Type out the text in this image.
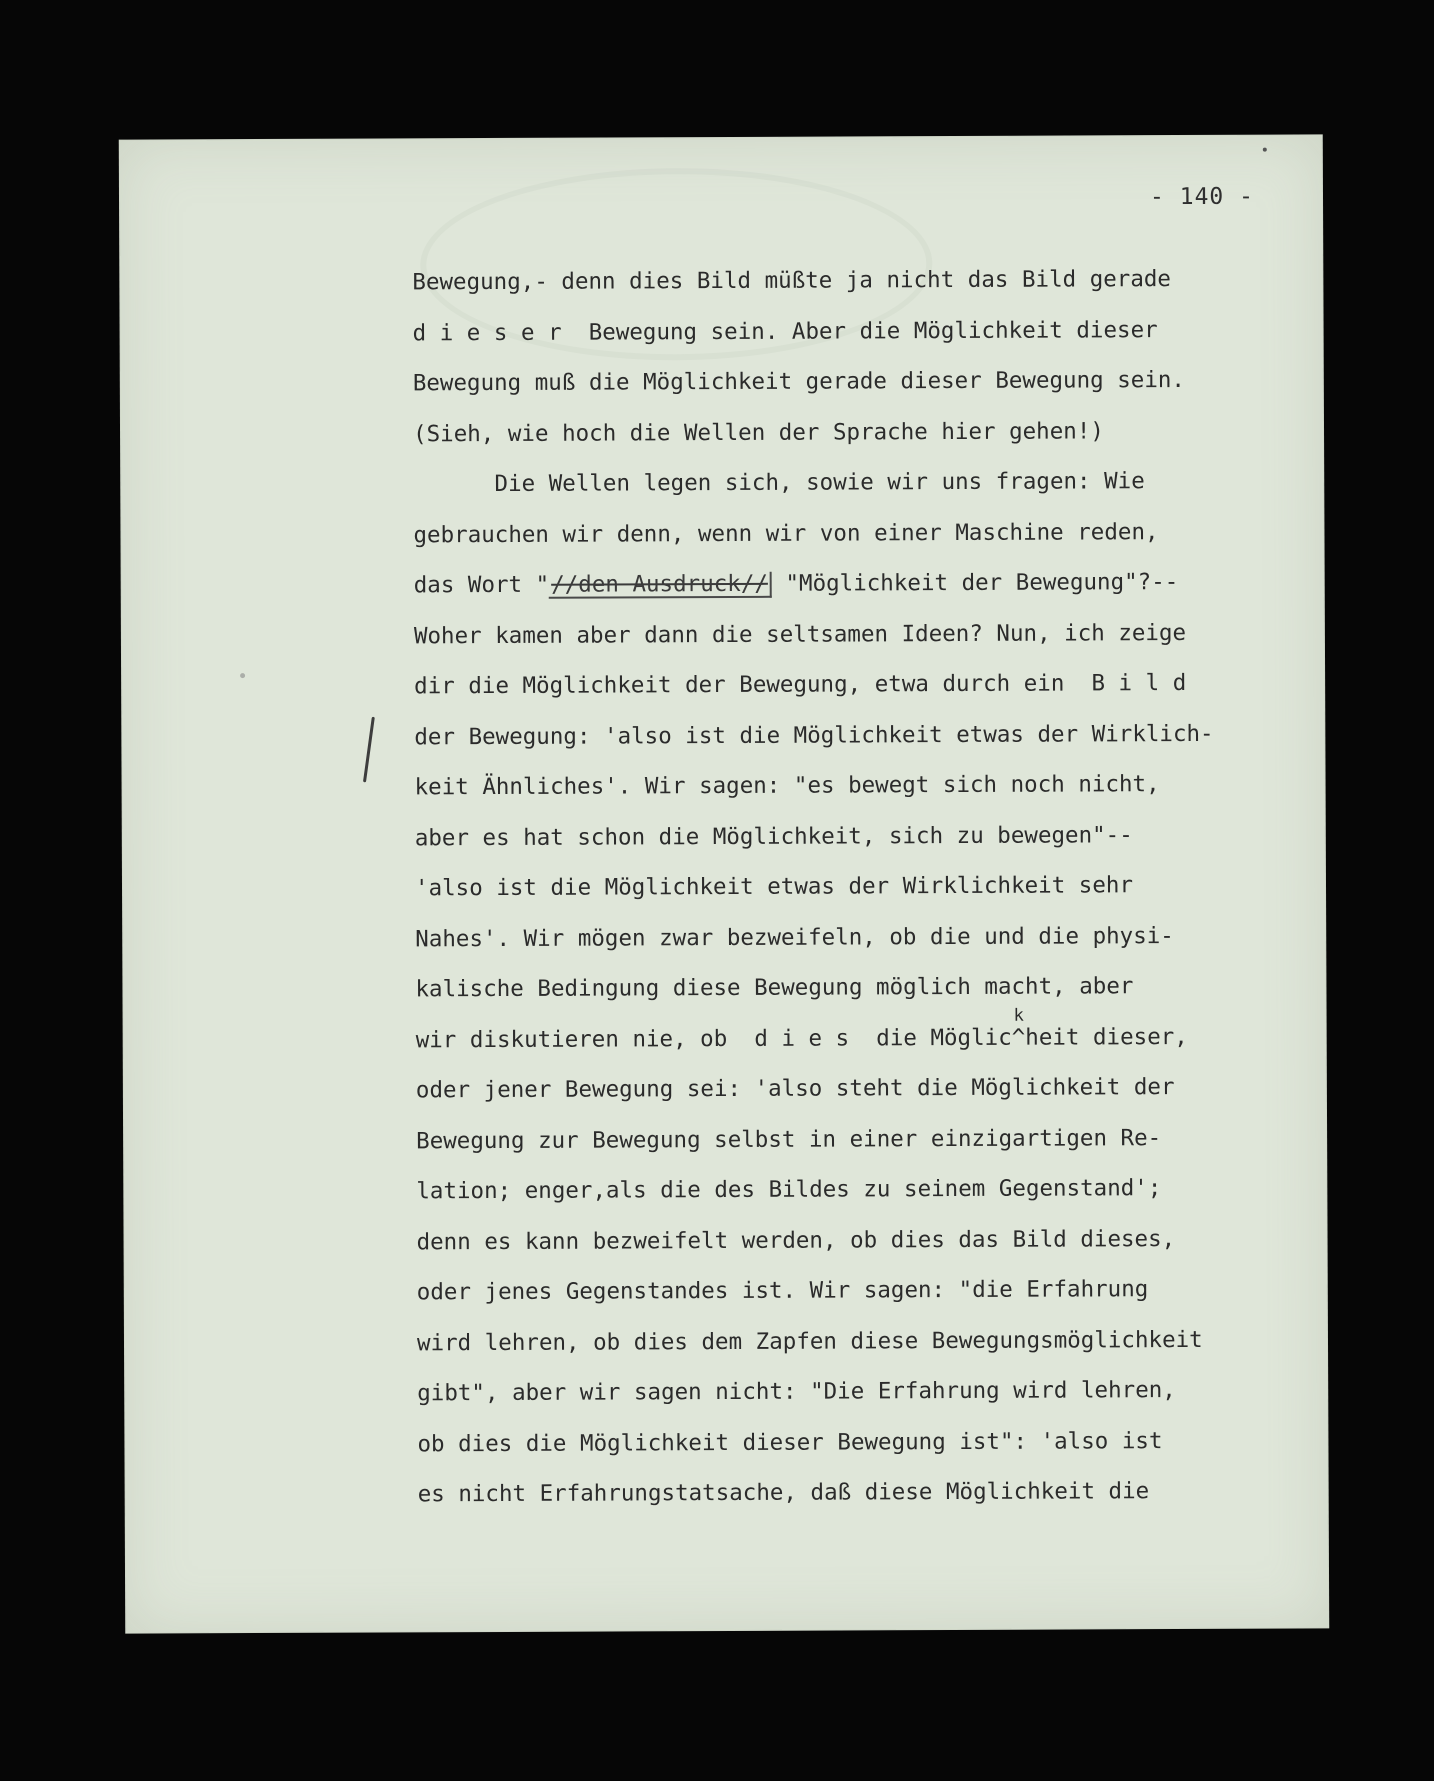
- 140 -
Bewegung,- denn dies Bild müßte ja nicht das Bild gerade
d i e s e r  Bewegung sein. Aber die Möglichkeit dieser
Bewegung muß die Möglichkeit gerade dieser Bewegung sein.
(Sieh, wie hoch die Wellen der Sprache hier gehen!)
Die Wellen legen sich, sowie wir uns fragen: Wie
gebrauchen wir denn, wenn wir von einer Maschine reden,
das Wort "//den Ausdruck// "Möglichkeit der Bewegung"?--
Woher kamen aber dann die seltsamen Ideen? Nun, ich zeige
dir die Möglichkeit der Bewegung, etwa durch ein  B i l d
der Bewegung: 'also ist die Möglichkeit etwas der Wirklich-
keit Ähnliches'. Wir sagen: "es bewegt sich noch nicht,
aber es hat schon die Möglichkeit, sich zu bewegen"--
'also ist die Möglichkeit etwas der Wirklichkeit sehr
Nahes'. Wir mögen zwar bezweifeln, ob die und die physi-
kalische Bedingung diese Bewegung möglich macht, aber
wir diskutieren nie, ob  d i e s  die Möglic
k
^heit dieser,
oder jener Bewegung sei: 'also steht die Möglichkeit der
Bewegung zur Bewegung selbst in einer einzigartigen Re-
lation; enger,als die des Bildes zu seinem Gegenstand';
denn es kann bezweifelt werden, ob dies das Bild dieses,
oder jenes Gegenstandes ist. Wir sagen: "die Erfahrung
wird lehren, ob dies dem Zapfen diese Bewegungsmöglichkeit
gibt", aber wir sagen nicht: "Die Erfahrung wird lehren,
ob dies die Möglichkeit dieser Bewegung ist": 'also ist
es nicht Erfahrungstatsache, daß diese Möglichkeit die
